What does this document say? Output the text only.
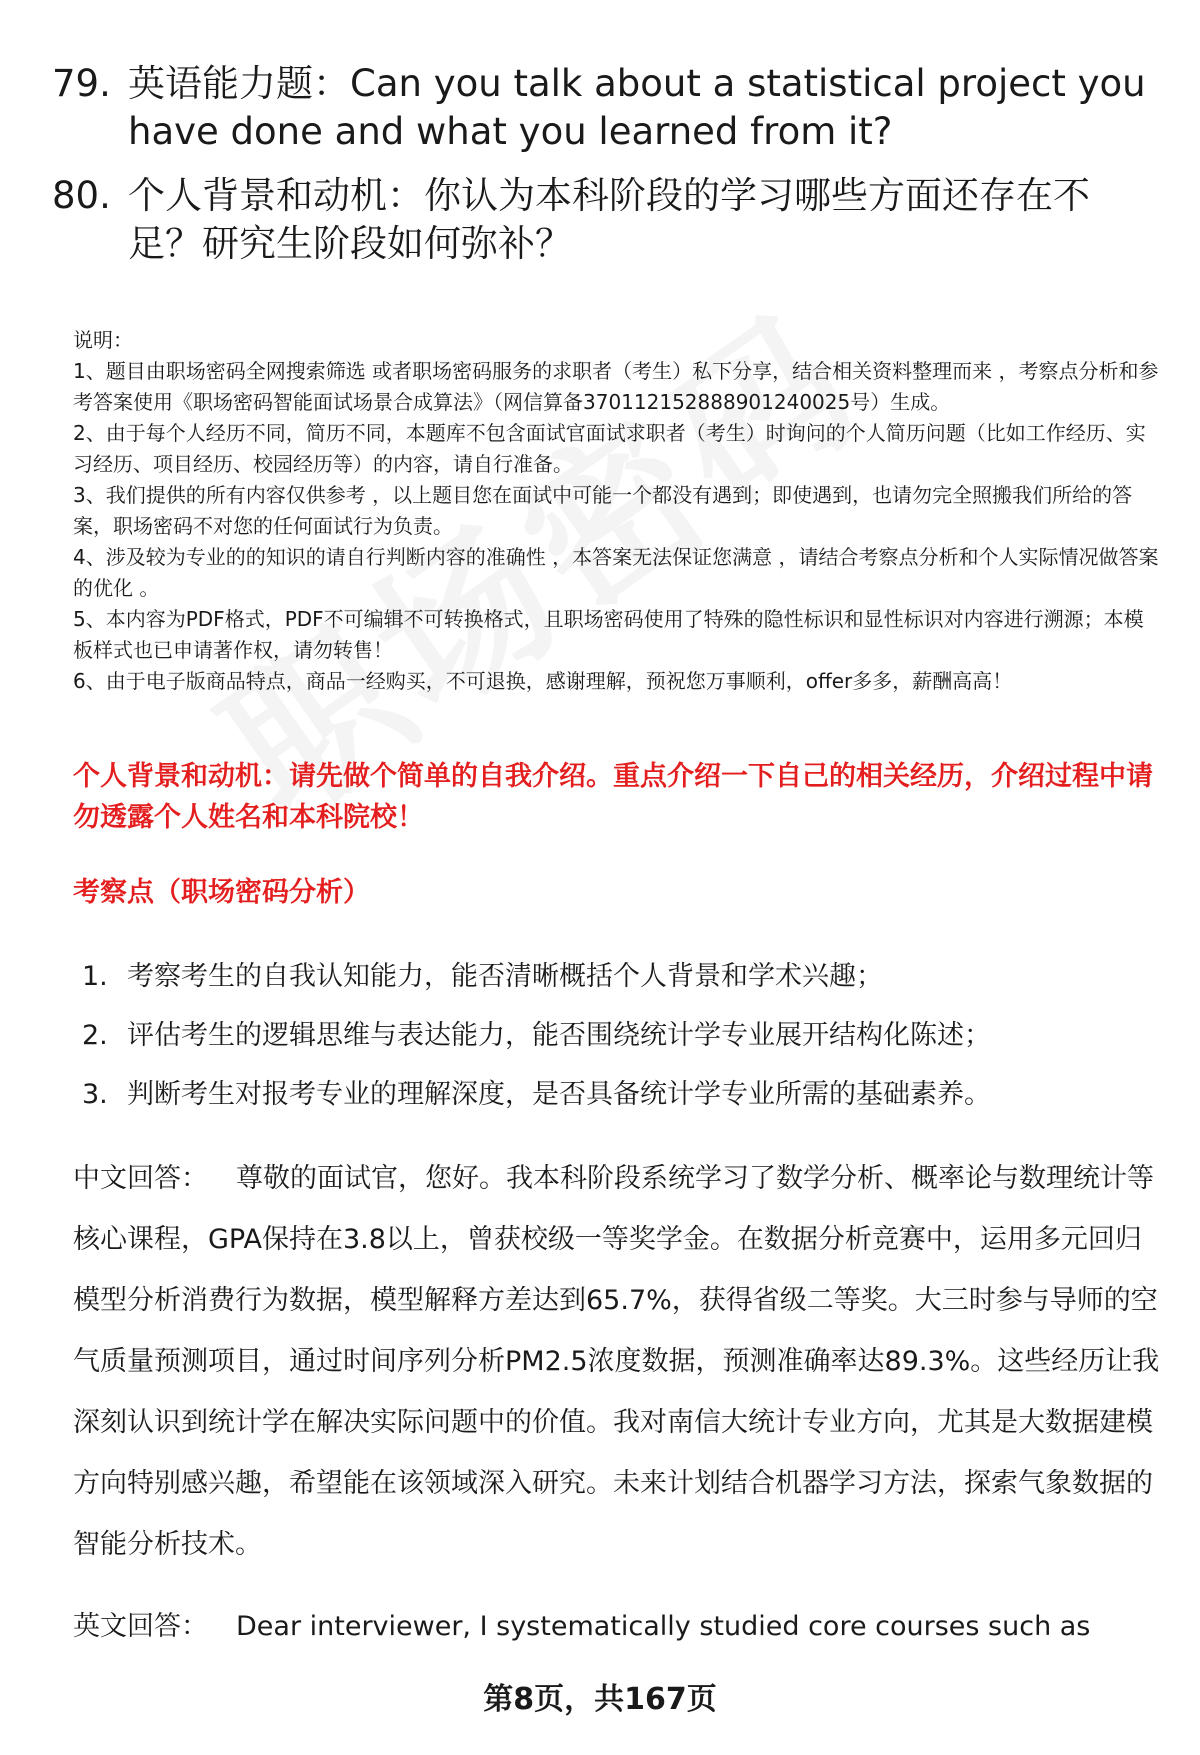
79. 英语能力题：Can you talk about a statistical project you have done and what you learned from it?
80. 个人背景和动机：你认为本科阶段的学习哪些方面还存在不足？研究生阶段如何弥补？
说明：
1、题目由职场密码全网搜索筛选 或者职场密码服务的求职者（考生）私下分享，结合相关资料整理而来 ，考察点分析和参考答案使用《职场密码智能面试场景合成算法》（网信算备370112152888901240025号）生成。
2、由于每个人经历不同，简历不同，本题库不包含面试官面试求职者（考生）时询问的个人简历问题（比如工作经历、实习经历、项目经历、校园经历等）的内容，请自行准备。
3、我们提供的所有内容仅供参考 ，以上题目您在面试中可能一个都没有遇到；即使遇到，也请勿完全照搬我们所给的答案，职场密码不对您的任何面试行为负责。
4、涉及较为专业的的知识的请自行判断内容的准确性 ，本答案无法保证您满意 ，请结合考察点分析和个人实际情况做答案的优化 。
5、本内容为PDF格式，PDF不可编辑不可转换格式，且职场密码使用了特殊的隐性标识和显性标识对内容进行溯源；本模板样式也已申请著作权，请勿转售！
6、由于电子版商品特点，商品一经购买，不可退换，感谢理解，预祝您万事顺利，offer多多，薪酬高高！
个人背景和动机：请先做个简单的自我介绍。重点介绍一下自己的相关经历，介绍过程中请勿透露个人姓名和本科院校！
考察点（职场密码分析）
1. 考察考生的自我认知能力，能否清晰概括个人背景和学术兴趣；
2. 评估考生的逻辑思维与表达能力，能否围绕统计学专业展开结构化陈述；
3. 判断考生对报考专业的理解深度，是否具备统计学专业所需的基础素养。
中文回答： 尊敬的面试官，您好。我本科阶段系统学习了数学分析、概率论与数理统计等核心课程，GPA保持在3.8以上，曾获校级一等奖学金。在数据分析竞赛中，运用多元回归模型分析消费行为数据，模型解释方差达到65.7%，获得省级二等奖。大三时参与导师的空气质量预测项目，通过时间序列分析PM2.5浓度数据，预测准确率达89.3%。这些经历让我深刻认识到统计学在解决实际问题中的价值。我对南信大统计专业方向，尤其是大数据建模方向特别感兴趣，希望能在该领域深入研究。未来计划结合机器学习方法，探索气象数据的智能分析技术。
英文回答： Dear interviewer, I systematically studied core courses such as
第8页，共167页
